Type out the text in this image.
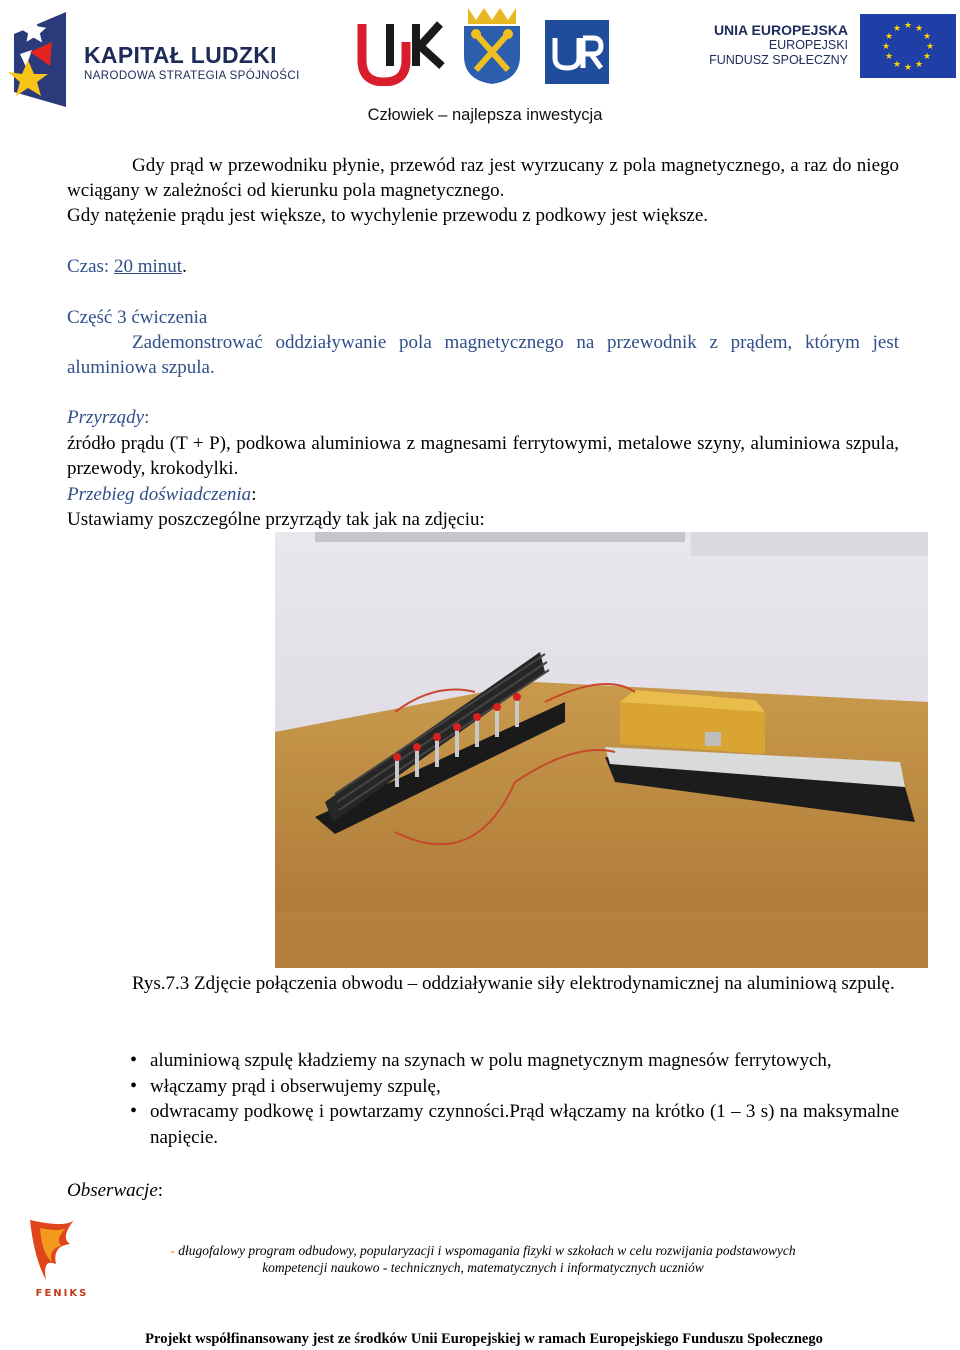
KAPITAŁ LUDZKI
NARODOWA STRATEGIA SPÓJNOŚCI
UNIA EUROPEJSKA
EUROPEJSKI
FUNDUSZ SPOŁECZNY
★ ★
★
★
★
★
★
★
★
★
★
★
Człowiek – najlepsza inwestycja
Gdy prąd w przewodniku płynie, przewód raz jest wyrzucany z pola magnetycznego, a raz do niego wciągany w zależności od kierunku pola magnetycznego.
Gdy natężenie prądu jest większe, to wychylenie przewodu z podkowy jest większe.
Czas: 20 minut.
Część 3 ćwiczenia
Zademonstrować oddziaływanie pola magnetycznego na przewodnik z prądem, którym jest aluminiowa szpula.
Przyrządy:
źródło prądu (T + P), podkowa aluminiowa z magnesami ferrytowymi, metalowe szyny, aluminiowa szpula, przewody, krokodylki.
Przebieg doświadczenia:
Ustawiamy poszczególne przyrządy tak jak na zdjęciu:
Rys.7.3 Zdjęcie połączenia obwodu – oddziaływanie siły elektrodynamicznej na aluminiową szpulę.
• aluminiową szpulę kładziemy na szynach w polu magnetycznym magnesów ferrytowych,
• włączamy prąd i obserwujemy szpulę,
• odwracamy podkowę i powtarzamy czynności.Prąd włączamy na krótko (1 – 3 s) na maksymalne napięcie.
Obserwacje:
FENIKS
- długofalowy program odbudowy, popularyzacji i wspomagania fizyki w szkołach w celu rozwijania podstawowych kompetencji naukowo - technicznych, matematycznych i informatycznych uczniów
Projekt współfinansowany jest ze środków Unii Europejskiej w ramach Europejskiego Funduszu Społecznego
